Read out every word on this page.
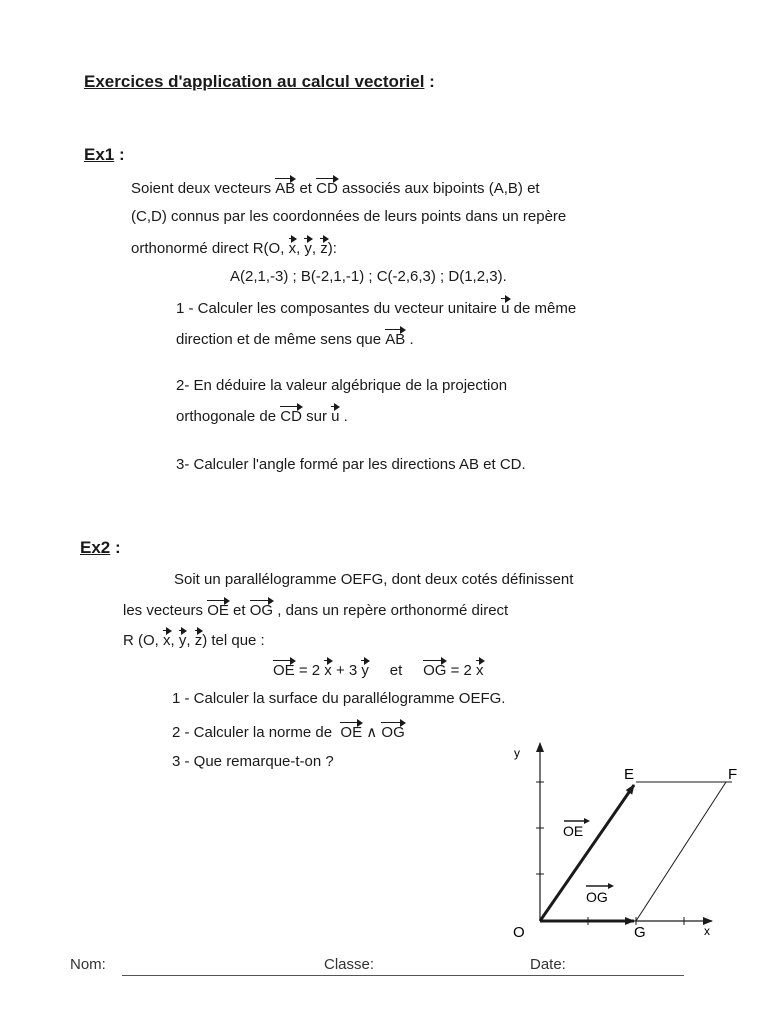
Exercices d'application au calcul vectoriel :
Ex1 :
Soient deux vecteurs AB et CD associés aux bipoints (A,B) et
(C,D) connus par les coordonnées de leurs points dans un repère
orthonormé direct R(O, x, y, z):
A(2,1,-3) ; B(-2,1,-1) ; C(-2,6,3) ; D(1,2,3).
1 - Calculer les composantes du vecteur unitaire u de même
direction et de même sens que AB .
2- En déduire la valeur algébrique de la projection
orthogonale de CD sur u .
3- Calculer l'angle formé par les directions AB et CD.
Ex2 :
Soit un parallélogramme OEFG, dont deux cotés définissent
les vecteurs OE et OG , dans un repère orthonormé direct
R (O, x, y, z) tel que :
OE = 2 x + 3 y     et     OG = 2 x
1 - Calculer la surface du parallélogramme OEFG.
2 - Calculer la norme de  OE ∧ OG
3 - Que remarque-t-on ?	y
x
O
E	F
G
OE
OG
Nom:	Classe:	Date:
